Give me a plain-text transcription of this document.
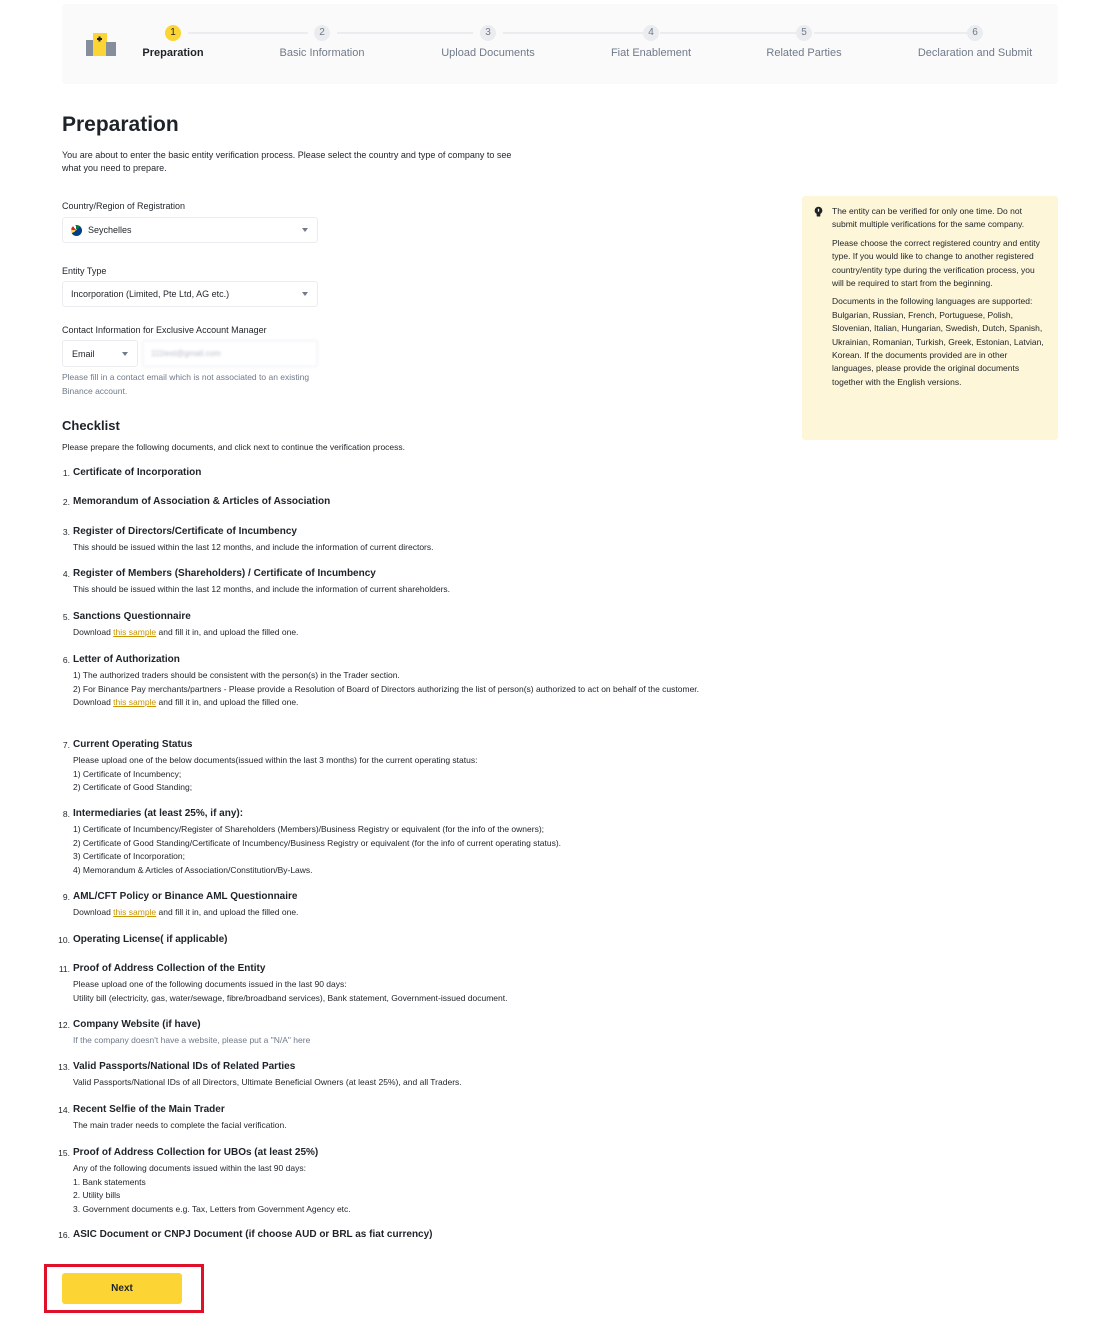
1
Preparation
2
Basic Information
3
Upload Documents
4
Fiat Enablement
5
Related Parties
6
Declaration and Submit
Preparation

You are about to enter the basic entity verification process. Please select the country and type of company to see what you need to prepare.

Country/Region of Registration
Seychelles
Entity Type
Incorporation (Limited, Pte Ltd, AG etc.)
Contact Information for Exclusive Account Manager
Email
111test@gmail.com
Please fill in a contact email which is not associated to an existing Binance account.
Checklist
Please prepare the following documents, and click next to continue the verification process.
1. Certificate of Incorporation
2. Memorandum of Association & Articles of Association
3. Register of Directors/Certificate of Incumbency
This should be issued within the last 12 months, and include the information of current directors.
4. Register of Members (Shareholders) / Certificate of Incumbency
This should be issued within the last 12 months, and include the information of current shareholders.
5. Sanctions Questionnaire
Download this sample and fill it in, and upload the filled one.
6. Letter of Authorization
1) The authorized traders should be consistent with the person(s) in the Trader section.
2) For Binance Pay merchants/partners - Please provide a Resolution of Board of Directors authorizing the list of person(s) authorized to act on behalf of the customer.
Download this sample and fill it in, and upload the filled one.
7. Current Operating Status
Please upload one of the below documents(issued within the last 3 months) for the current operating status:
1) Certificate of Incumbency;
2) Certificate of Good Standing;
8. Intermediaries (at least 25%, if any):
1) Certificate of Incumbency/Register of Shareholders (Members)/Business Registry or equivalent (for the info of the owners);
2) Certificate of Good Standing/Certificate of Incumbency/Business Registry or equivalent (for the info of current operating status).
3) Certificate of Incorporation;
4) Memorandum & Articles of Association/Constitution/By-Laws.
9. AML/CFT Policy or Binance AML Questionnaire
Download this sample and fill it in, and upload the filled one.
10. Operating License( if applicable)
11. Proof of Address Collection of the Entity
Please upload one of the following documents issued in the last 90 days:
Utility bill (electricity, gas, water/sewage, fibre/broadband services), Bank statement, Government-issued document.
12. Company Website (if have)
If the company doesn't have a website, please put a "N/A" here
13. Valid Passports/National IDs of Related Parties
Valid Passports/National IDs of all Directors, Ultimate Beneficial Owners (at least 25%), and all Traders.
14. Recent Selfie of the Main Trader
The main trader needs to complete the facial verification.
15. Proof of Address Collection for UBOs (at least 25%)
Any of the following documents issued within the last 90 days:
1. Bank statements
2. Utility bills
3. Government documents e.g. Tax, Letters from Government Agency etc.
16. ASIC Document or CNPJ Document (if choose AUD or BRL as fiat currency)

The entity can be verified for only one time. Do not submit multiple verifications for the same company.

Please choose the correct registered country and entity type. If you would like to change to another registered country/entity type during the verification process, you will be required to start from the beginning.

Documents in the following languages are supported: Bulgarian, Russian, French, Portuguese, Polish, Slovenian, Italian, Hungarian, Swedish, Dutch, Spanish, Ukrainian, Romanian, Turkish, Greek, Estonian, Latvian, Korean. If the documents provided are in other languages, please provide the original documents together with the English versions.

Next
